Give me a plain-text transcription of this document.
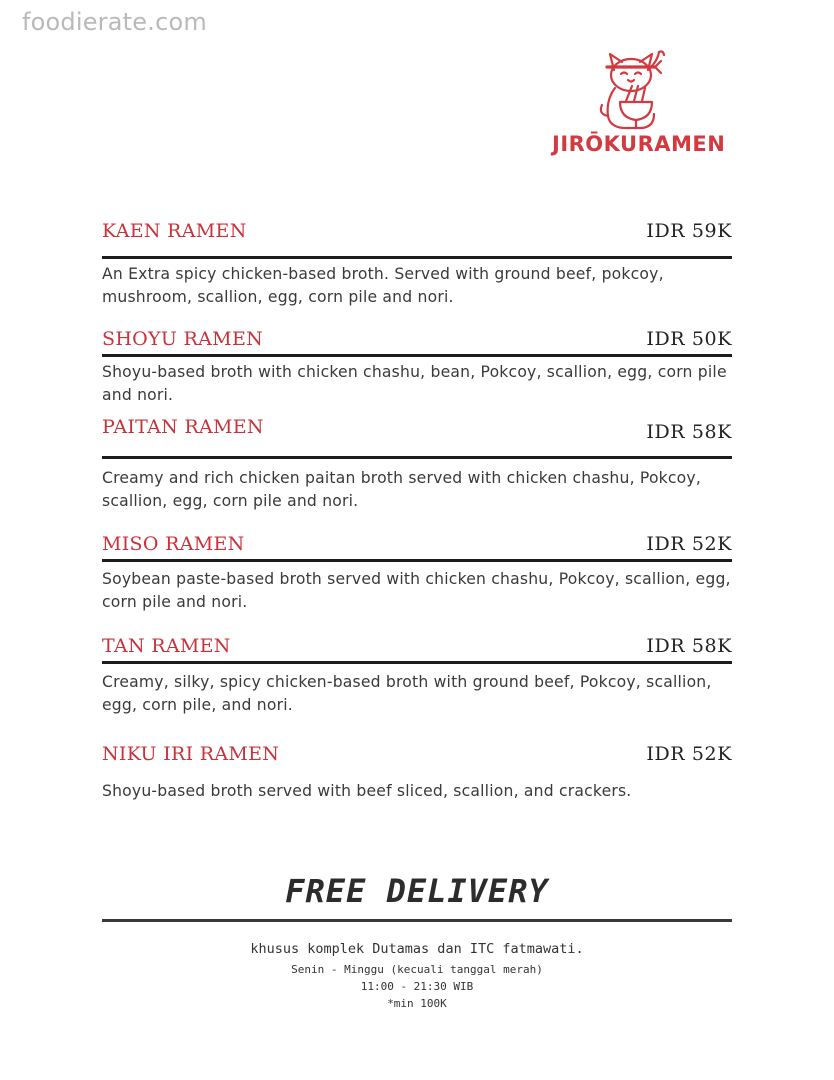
foodierate.com
JIRŌKURAMEN
KAEN RAMEN	IDR 59K
An Extra spicy chicken-based broth. Served with ground beef, pokcoy, mushroom, scallion, egg, corn pile and nori.
SHOYU RAMEN	IDR 50K
Shoyu-based broth with chicken chashu, bean, Pokcoy, scallion, egg, corn pile and nori.
PAITAN RAMEN	IDR 58K
Creamy and rich chicken paitan broth served with chicken chashu, Pokcoy, scallion, egg, corn pile and nori.
MISO RAMEN	IDR 52K
Soybean paste-based broth served with chicken chashu, Pokcoy, scallion, egg, corn pile and nori.
TAN RAMEN	IDR 58K
Creamy, silky, spicy chicken-based broth with ground beef, Pokcoy, scallion, egg, corn pile, and nori.
NIKU IRI RAMEN	IDR 52K
Shoyu-based broth served with beef sliced, scallion, and crackers.
FREE DELIVERY
khusus komplek Dutamas dan ITC fatmawati.
Senin - Minggu (kecuali tanggal merah)
11:00 - 21:30 WIB
*min 100K
